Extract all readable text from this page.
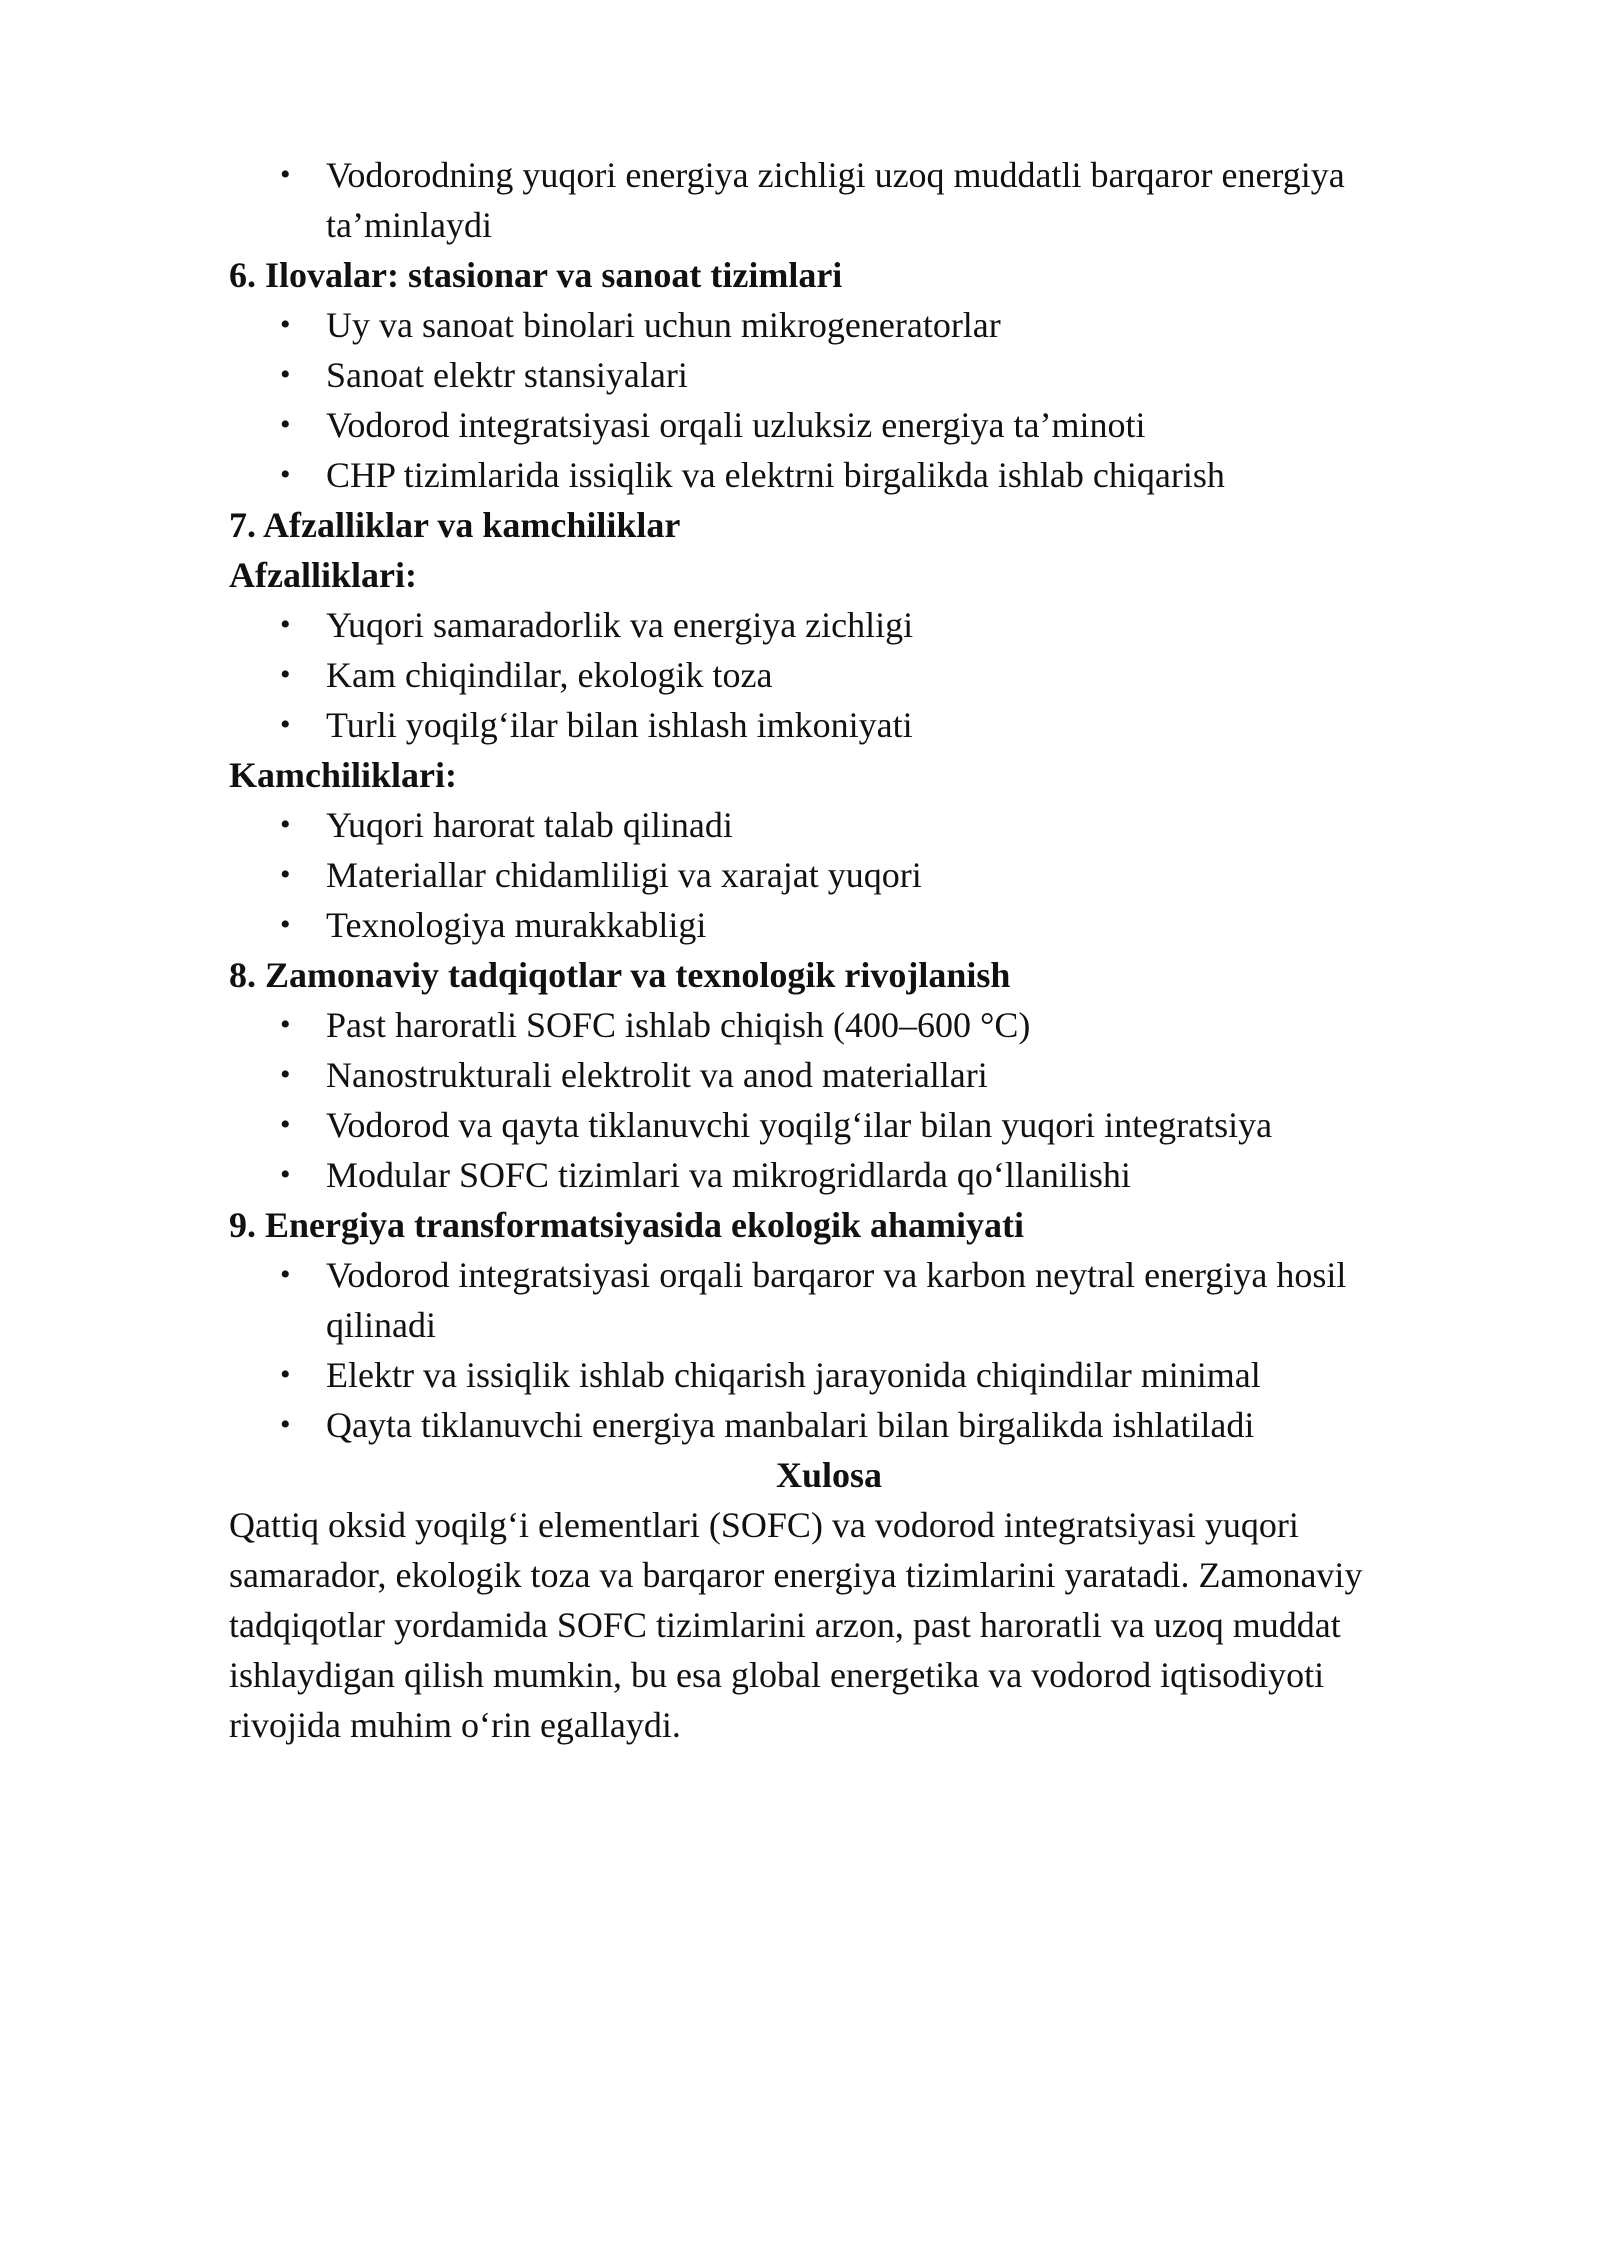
• Vodorodning yuqori energiya zichligi uzoq muddatli barqaror energiya ta’minlaydi
6. Ilovalar: stasionar va sanoat tizimlari
• Uy va sanoat binolari uchun mikrogeneratorlar
• Sanoat elektr stansiyalari
• Vodorod integratsiyasi orqali uzluksiz energiya ta’minoti
• CHP tizimlarida issiqlik va elektrni birgalikda ishlab chiqarish
7. Afzalliklar va kamchiliklar
Afzalliklari:
• Yuqori samaradorlik va energiya zichligi
• Kam chiqindilar, ekologik toza
• Turli yoqilg‘ilar bilan ishlash imkoniyati
Kamchiliklari:
• Yuqori harorat talab qilinadi
• Materiallar chidamliligi va xarajat yuqori
• Texnologiya murakkabligi
8. Zamonaviy tadqiqotlar va texnologik rivojlanish
• Past haroratli SOFC ishlab chiqish (400–600 °C)
• Nanostrukturali elektrolit va anod materiallari
• Vodorod va qayta tiklanuvchi yoqilg‘ilar bilan yuqori integratsiya
• Modular SOFC tizimlari va mikrogridlarda qo‘llanilishi
9. Energiya transformatsiyasida ekologik ahamiyati
• Vodorod integratsiyasi orqali barqaror va karbon neytral energiya hosil qilinadi
• Elektr va issiqlik ishlab chiqarish jarayonida chiqindilar minimal
• Qayta tiklanuvchi energiya manbalari bilan birgalikda ishlatiladi
Xulosa

Qattiq oksid yoqilg‘i elementlari (SOFC) va vodorod integratsiyasi yuqori samarador, ekologik toza va barqaror energiya tizimlarini yaratadi. Zamonaviy tadqiqotlar yordamida SOFC tizimlarini arzon, past haroratli va uzoq muddat ishlaydigan qilish mumkin, bu esa global energetika va vodorod iqtisodiyoti rivojida muhim o‘rin egallaydi.
